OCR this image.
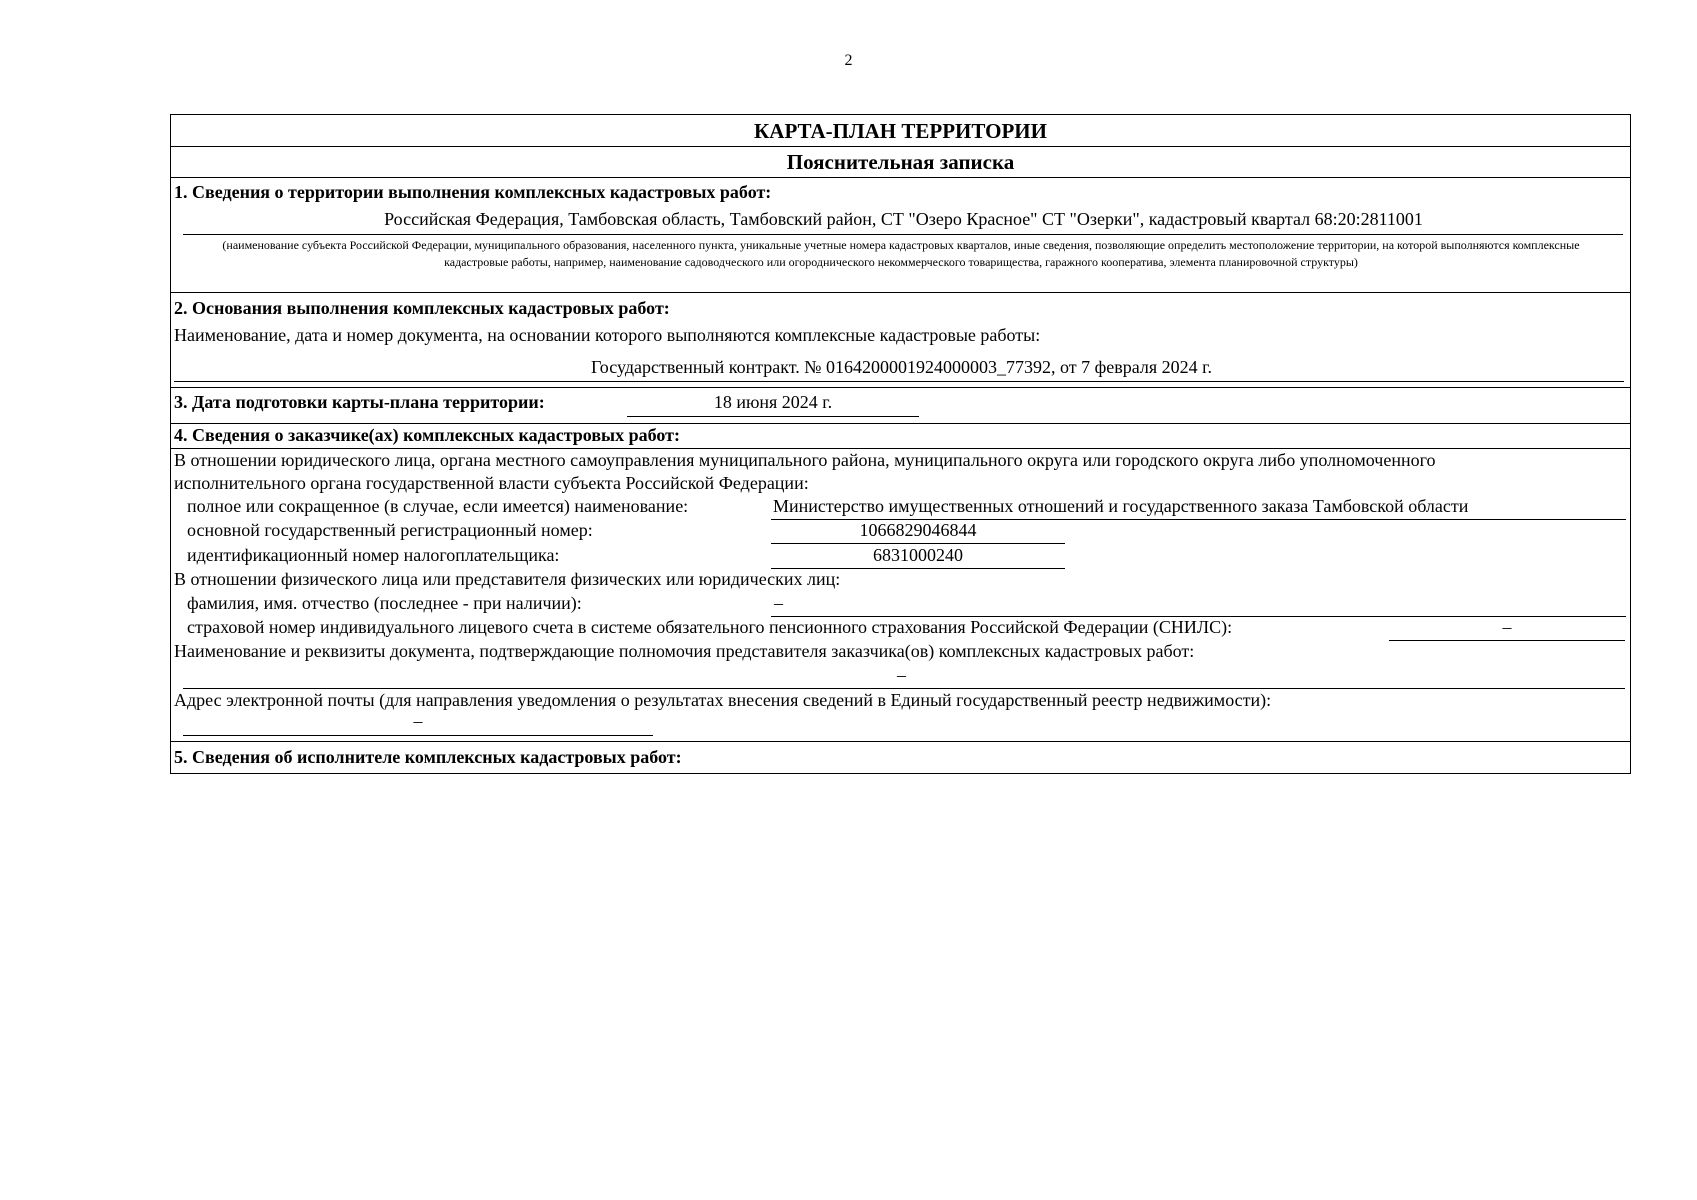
2
КАРТА-ПЛАН ТЕРРИТОРИИ
Пояснительная записка
1. Сведения о территории выполнения комплексных кадастровых работ:
Российская Федерация, Тамбовская область, Тамбовский район, СТ "Озеро Красное" СТ "Озерки", кадастровый квартал 68:20:2811001
(наименование субъекта Российской Федерации, муниципального образования, населенного пункта, уникальные учетные номера кадастровых кварталов, иные сведения, позволяющие определить местоположение территории, на которой выполняются комплексные кадастровые работы, например, наименование садоводческого или огороднического некоммерческого товарищества, гаражного кооператива, элемента планировочной структуры)
2. Основания выполнения комплексных кадастровых работ:
Наименование, дата и номер документа, на основании которого выполняются комплексные кадастровые работы:
Государственный контракт. № 0164200001924000003_77392, от 7 февраля 2024 г.
3. Дата подготовки карты-плана территории:	18 июня 2024 г.
4. Сведения о заказчике(ах) комплексных кадастровых работ:
В отношении юридического лица, органа местного самоуправления муниципального района, муниципального округа или городского округа либо уполномоченного
исполнительного органа государственной власти субъекта Российской Федерации:
полное или сокращенное (в случае, если имеется) наименование:	Министерство имущественных отношений и государственного заказа Тамбовской области
основной государственный регистрационный номер:	1066829046844
идентификационный номер налогоплательщика:	6831000240
В отношении физического лица или представителя физических или юридических лиц:
фамилия, имя. отчество (последнее - при наличии):	–
страховой номер индивидуального лицевого счета в системе обязательного пенсионного страхования Российской Федерации (СНИЛС):	–
Наименование и реквизиты документа, подтверждающие полномочия представителя заказчика(ов) комплексных кадастровых работ:
–
Адрес электронной почты (для направления уведомления о результатах внесения сведений в Единый государственный реестр недвижимости):
–
5. Сведения об исполнителе комплексных кадастровых работ:
